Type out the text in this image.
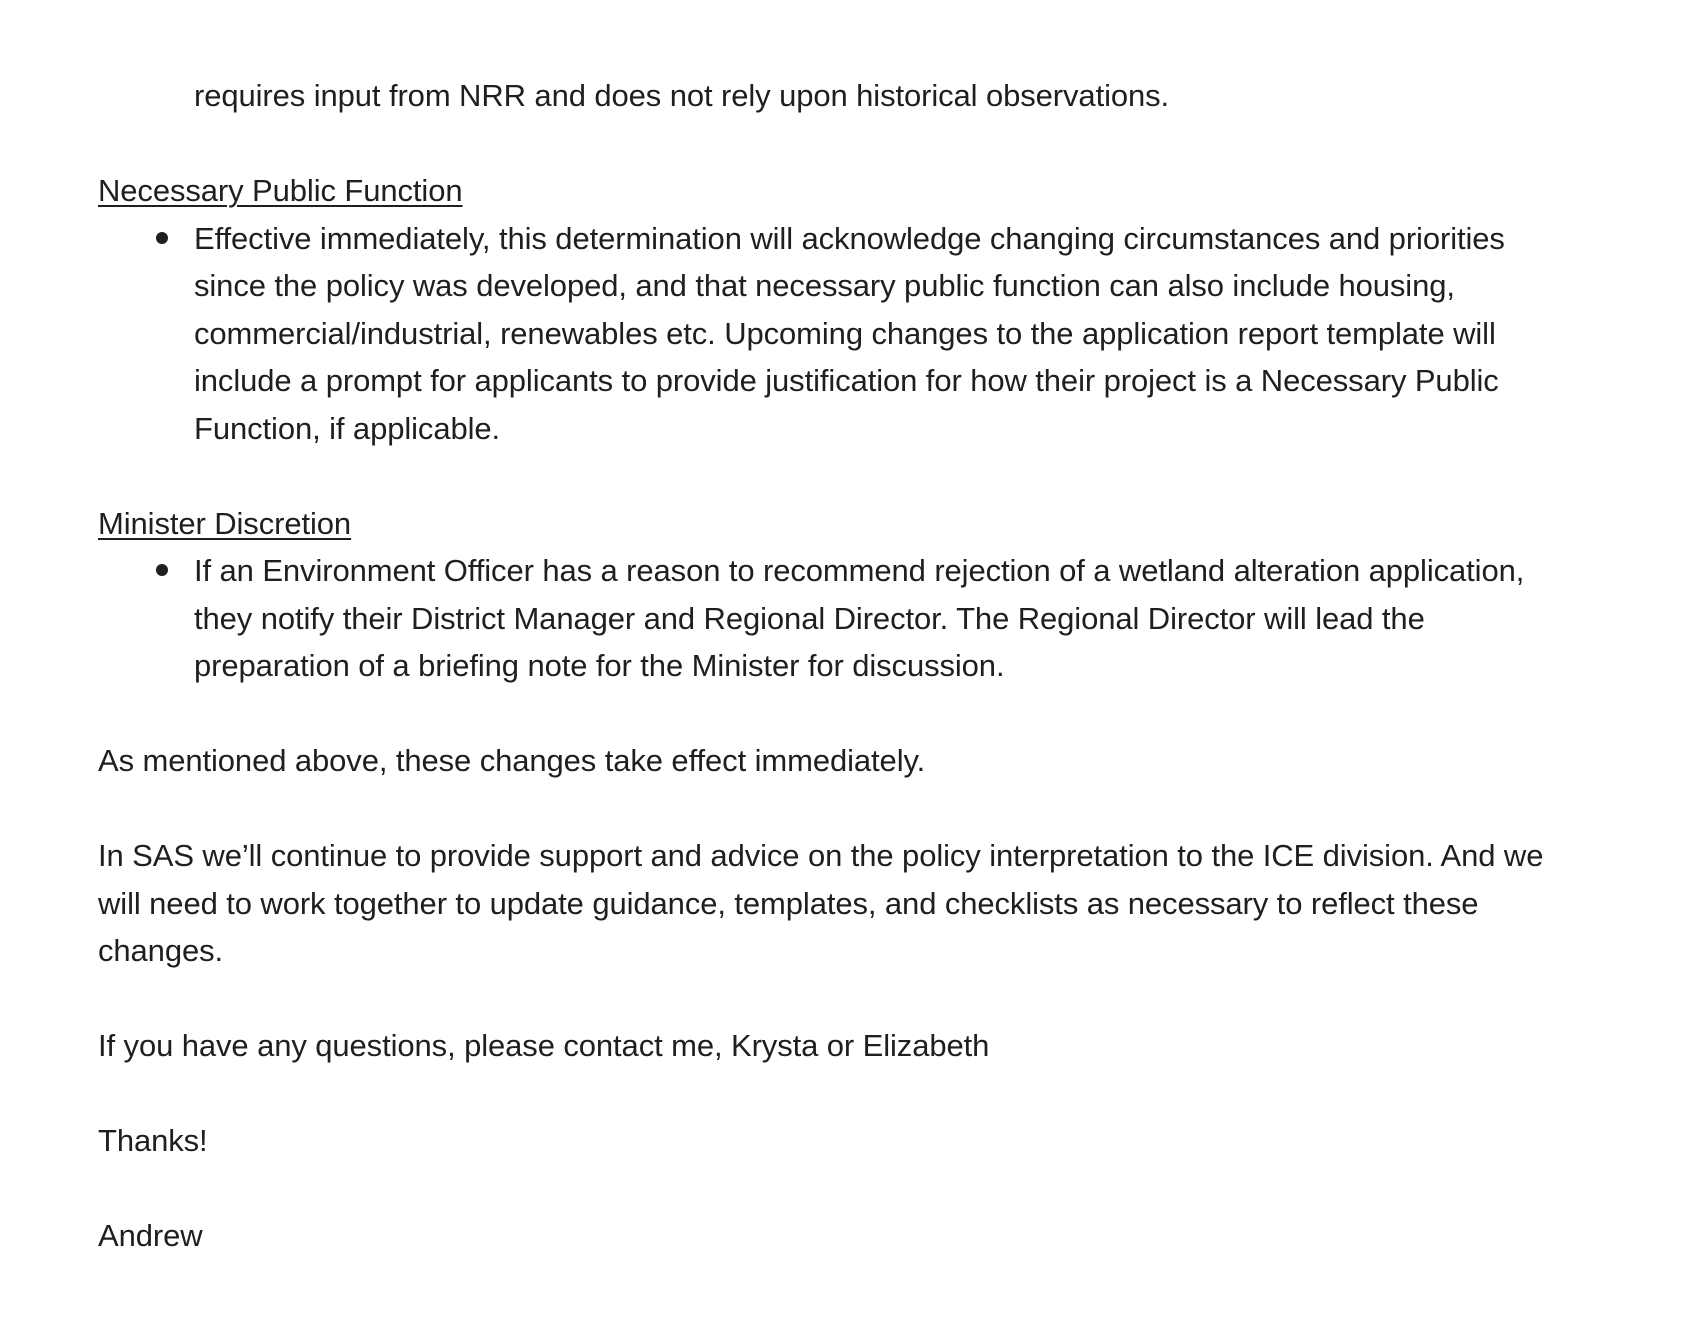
requires input from NRR and does not rely upon historical observations.

Necessary Public Function

Effective immediately, this determination will acknowledge changing circumstances and priorities since the policy was developed, and that necessary public function can also include housing, commercial/industrial, renewables etc. Upcoming changes to the application report template will include a prompt for applicants to provide justification for how their project is a Necessary Public Function, if applicable.

Minister Discretion

If an Environment Officer has a reason to recommend rejection of a wetland alteration application, they notify their District Manager and Regional Director. The Regional Director will lead the preparation of a briefing note for the Minister for discussion.

As mentioned above, these changes take effect immediately.

In SAS we’ll continue to provide support and advice on the policy interpretation to the ICE division. And we will need to work together to update guidance, templates, and checklists as necessary to reflect these changes.

If you have any questions, please contact me, Krysta or Elizabeth

Thanks!

Andrew
